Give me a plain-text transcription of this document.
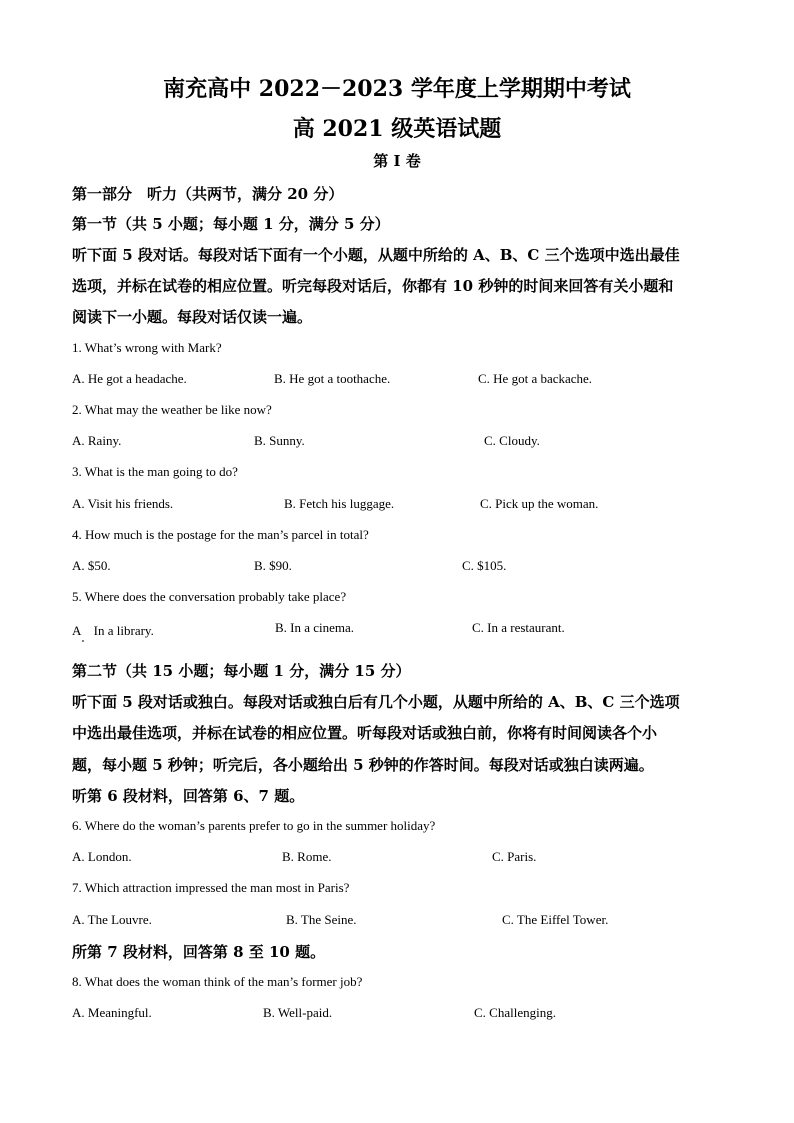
南充高中 2022－2023 学年度上学期期中考试
高 2021 级英语试题
第 I 卷
第一部分　听力（共两节，满分 20 分）
第一节（共 5 小题；每小题 1 分，满分 5 分）
听下面 5 段对话。每段对话下面有一个小题，从题中所给的 A、B、C 三个选项中选出最佳
选项，并标在试卷的相应位置。听完每段对话后，你都有 10 秒钟的时间来回答有关小题和
阅读下一小题。每段对话仅读一遍。
1. What’s wrong with Mark?
A. He got a headache.	B. He got a toothache.	C. He got a backache.
2. What may the weather be like now?
A. Rainy.	B. Sunny.	C. Cloudy.
3. What is the man going to do?
A. Visit his friends.	B. Fetch his luggage.	C. Pick up the woman.
4. How much is the postage for the man’s parcel in total?
A. $50.	B. $90.	C. $105.
5. Where does the conversation probably take place?
A　In a library.	B. In a cinema.	C. In a restaurant.
第二节（共 15 小题；每小题 1 分，满分 15 分）
听下面 5 段对话或独白。每段对话或独白后有几个小题，从题中所给的 A、B、C 三个选项
中选出最佳选项，并标在试卷的相应位置。听每段对话或独白前，你将有时间阅读各个小
题，每小题 5 秒钟；听完后，各小题给出 5 秒钟的作答时间。每段对话或独白读两遍。
听第 6 段材料，回答第 6、7 题。
6. Where do the woman’s parents prefer to go in the summer holiday?
A. London.	B. Rome.	C. Paris.
7. Which attraction impressed the man most in Paris?
A. The Louvre.	B. The Seine.	C. The Eiffel Tower.
所第 7 段材料，回答第 8 至 10 题。
8. What does the woman think of the man’s former job?
A. Meaningful.	B. Well-paid.	C. Challenging.
